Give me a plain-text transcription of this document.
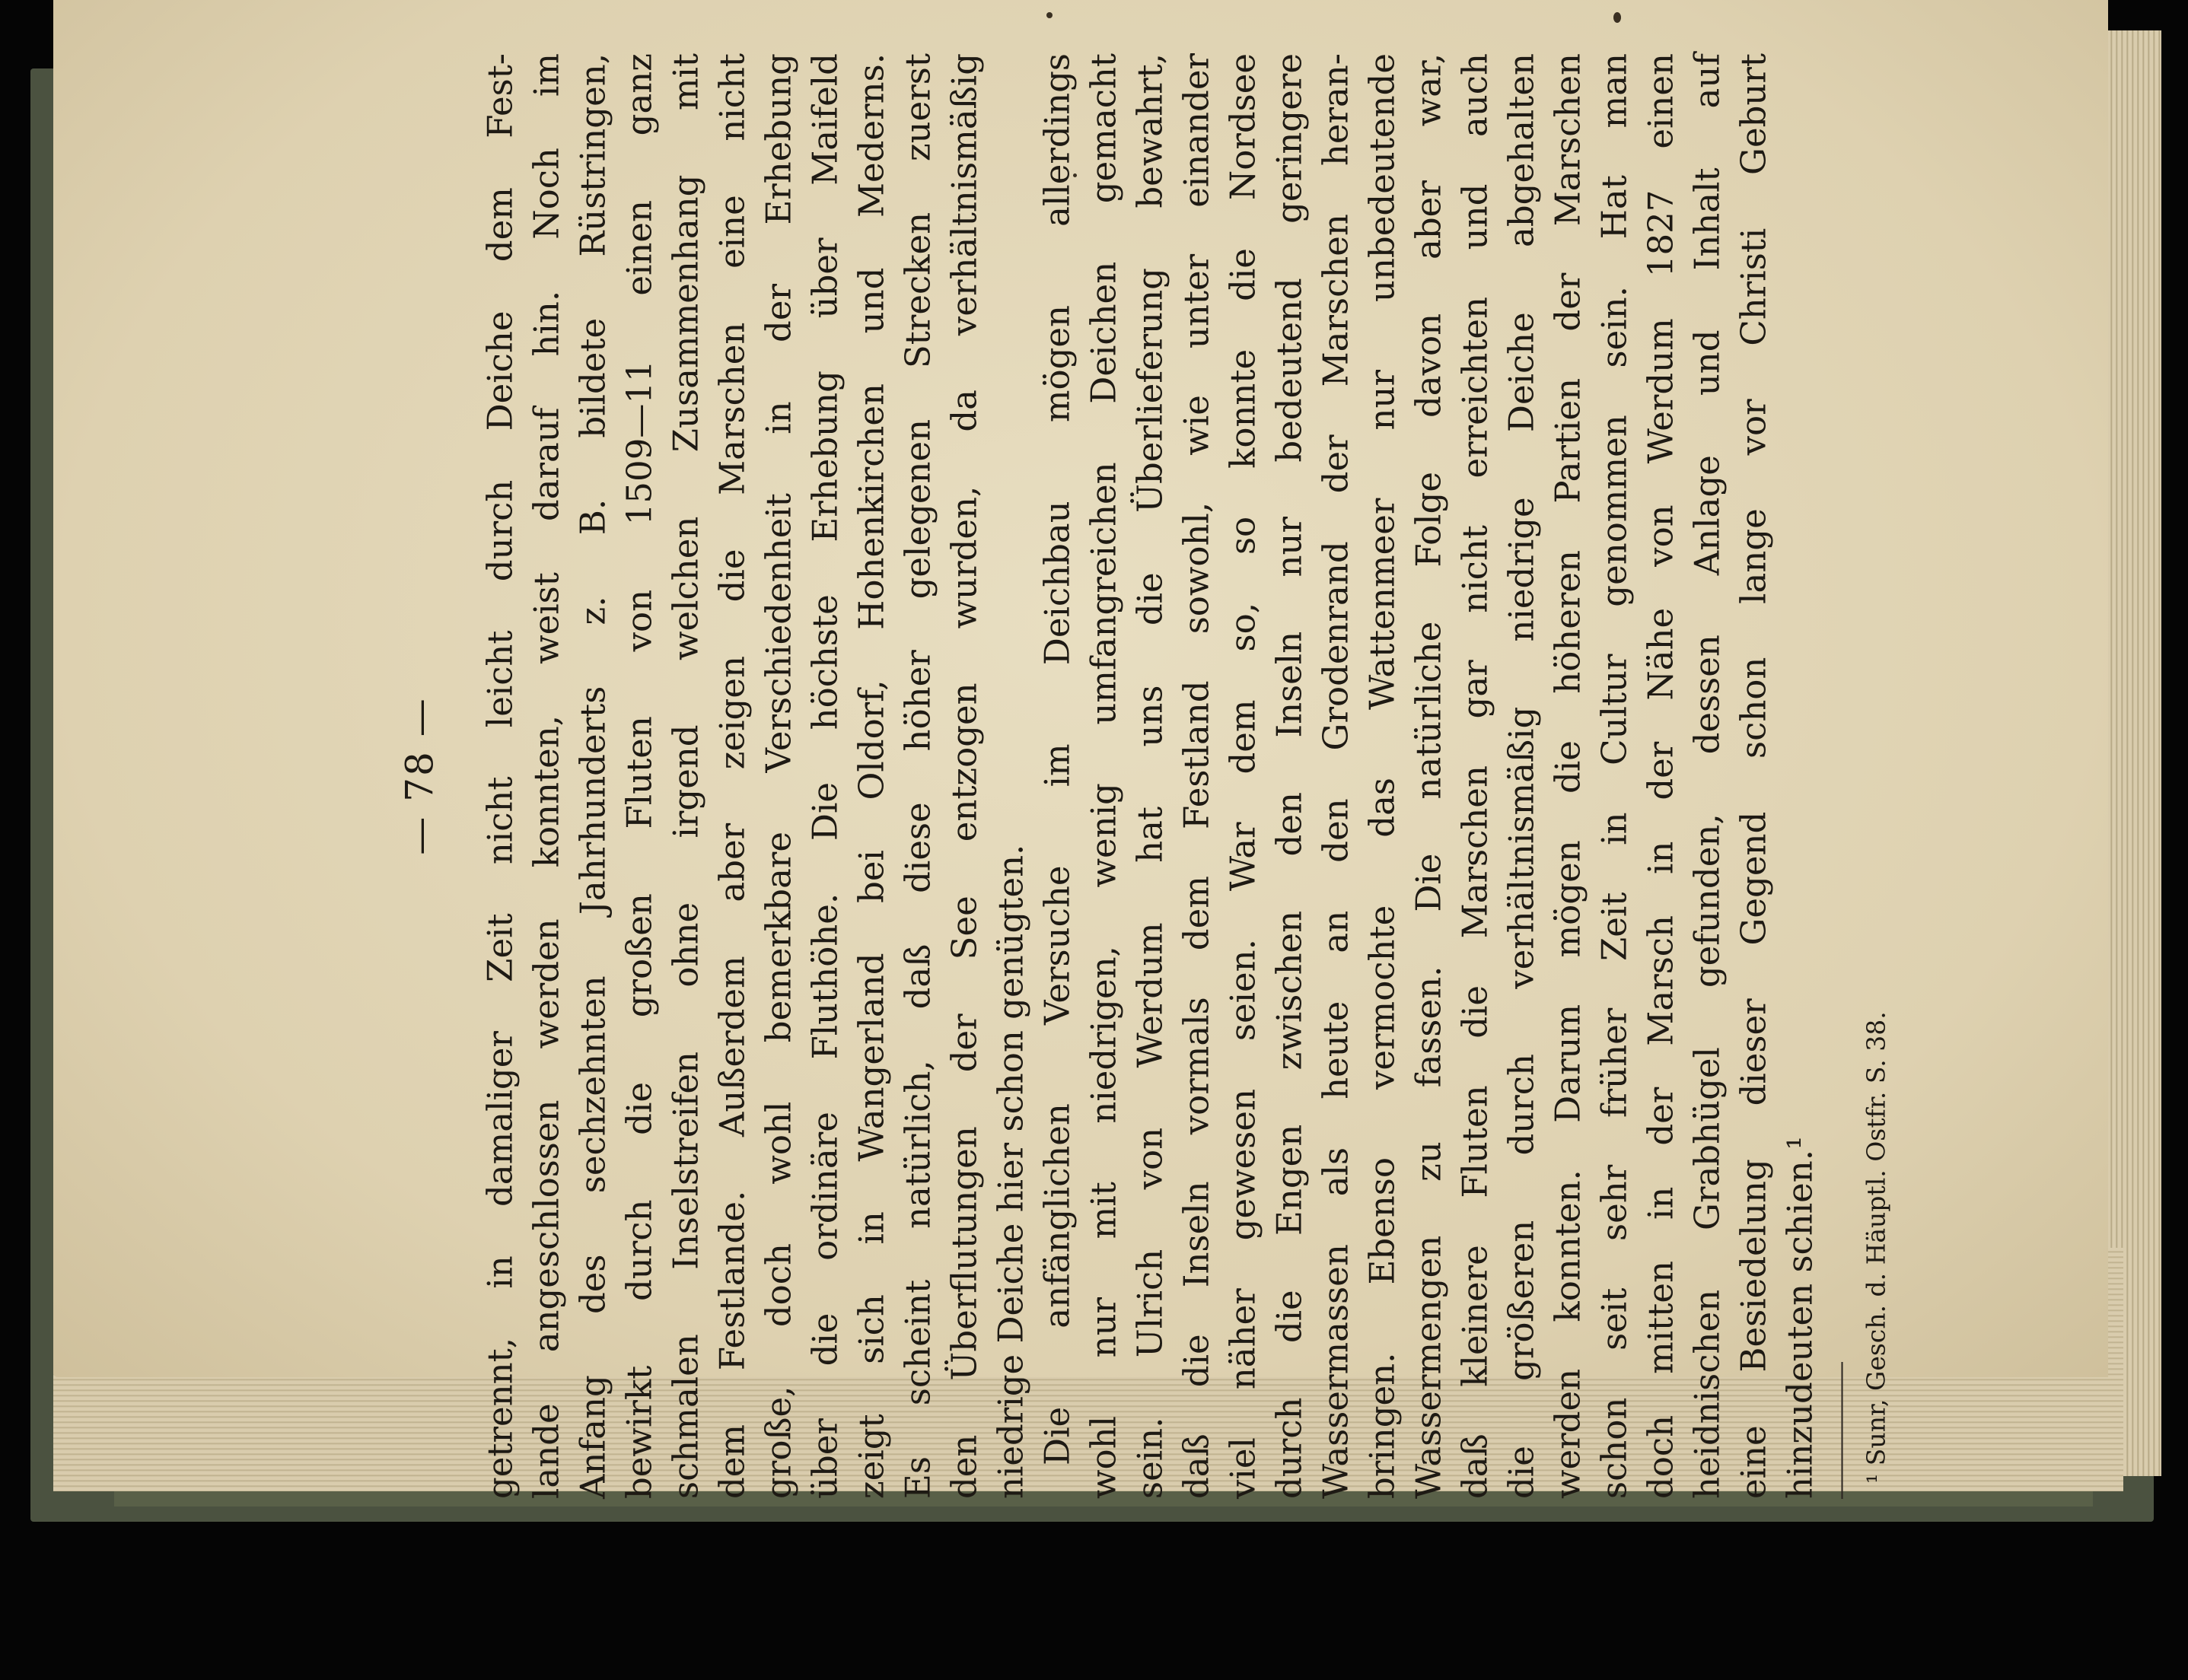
— 78 — getrennt, in damaliger Zeit nicht leicht durch Deiche dem Fest- lande angeschlossen werden konnten, weist darauf hin. Noch im Anfang des sechzehnten Jahrhunderts z. B. bildete Rüstringen, bewirkt durch die großen Fluten von 1509—11 einen ganz schmalen Inselstreifen ohne irgend welchen Zusammenhang mit dem Festlande. Außerdem aber zeigen die Marschen eine nicht große, doch wohl bemerkbare Verschiedenheit in der Erhebung über die ordinäre Fluthöhe. Die höchste Erhebung über Maifeld zeigt sich in Wangerland bei Oldorf, Hohenkirchen und Mederns. Es scheint natürlich, daß diese höher gelegenen Strecken zuerst den Überflutungen der See entzogen wurden, da verhältnismäßig niedrige Deiche hier schon genügten. Die anfänglichen Versuche im Deichbau mögen allerdings wohl nur mit niedrigen, wenig umfangreichen Deichen gemacht sein. Ulrich von Werdum hat uns die Überlieferung bewahrt, daß die Inseln vormals dem Festland sowohl, wie unter einander viel näher gewesen seien. War dem so, so konnte die Nordsee durch die Engen zwischen den Inseln nur bedeutend geringere Wassermassen als heute an den Grodenrand der Marschen heran- bringen. Ebenso vermochte das Wattenmeer nur unbedeutende Wassermengen zu fassen. Die natürliche Folge davon aber war, daß kleinere Fluten die Marschen gar nicht erreichten und auch die größeren durch verhältnismäßig niedrige Deiche abgehalten werden konnten. Darum mögen die höheren Partien der Marschen schon seit sehr früher Zeit in Cultur genommen sein. Hat man doch mitten in der Marsch in der Nähe von Werdum 1827 einen heidnischen Grabhügel gefunden, dessen Anlage und Inhalt auf eine Besiedelung dieser Gegend schon lange vor Christi Geburt hinzudeuten schien.¹ ¹ Sunr, Gesch. d. Häuptl. Ostfr. S. 38.
